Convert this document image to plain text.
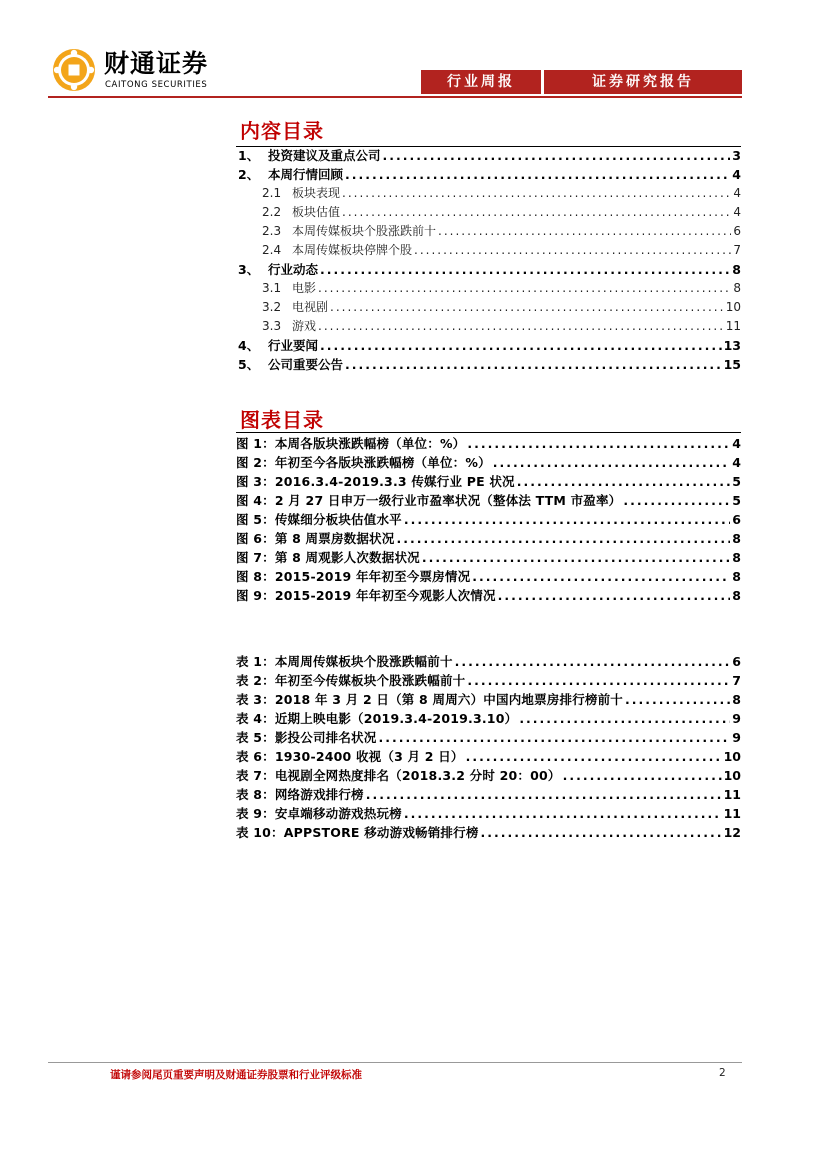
财通证券
CAITONG SECURITIES	行业周报	证券研究报告
内容目录
1、 投资建议及重点公司 .....	3
2、 本周行情回顾 .....	4
2.1 板块表现 .....	4
2.2 板块估值 .....	4
2.3 本周传媒板块个股涨跌前十 .....	6
2.4 本周传媒板块停牌个股 .....	7
3、 行业动态 .....	8
3.1 电影 .....	8
3.2 电视剧 .....	10
3.3 游戏 .....	11
4、 行业要闻 .....	13
5、 公司重要公告 .....	15
图表目录
图 1：本周各版块涨跌幅榜（单位：%） .....	4
图 2：年初至今各版块涨跌幅榜（单位：%） .....	4
图 3：2016.3.4-2019.3.3 传媒行业 PE 状况 .....	5
图 4：2 月 27 日申万一级行业市盈率状况（整体法 TTM 市盈率） .....	5
图 5：传媒细分板块估值水平 .....	6
图 6：第 8 周票房数据状况 .....	8
图 7：第 8 周观影人次数据状况 .....	8
图 8：2015-2019 年年初至今票房情况 .....	8
图 9：2015-2019 年年初至今观影人次情况 .....	8
表 1：本周周传媒板块个股涨跌幅前十 .....	6
表 2：年初至今传媒板块个股涨跌幅前十 .....	7
表 3：2018 年 3 月 2 日（第 8 周周六）中国内地票房排行榜前十 .....	8
表 4：近期上映电影（2019.3.4-2019.3.10） .....	9
表 5：影投公司排名状况 .....	9
表 6：1930-2400 收视（3 月 2 日） .....	10
表 7：电视剧全网热度排名（2018.3.2 分时 20：00） .....	10
表 8：网络游戏排行榜 .....	11
表 9：安卓端移动游戏热玩榜 .....	11
表 10：APPSTORE 移动游戏畅销排行榜 .....	12
谨请参阅尾页重要声明及财通证券股票和行业评级标准	2
